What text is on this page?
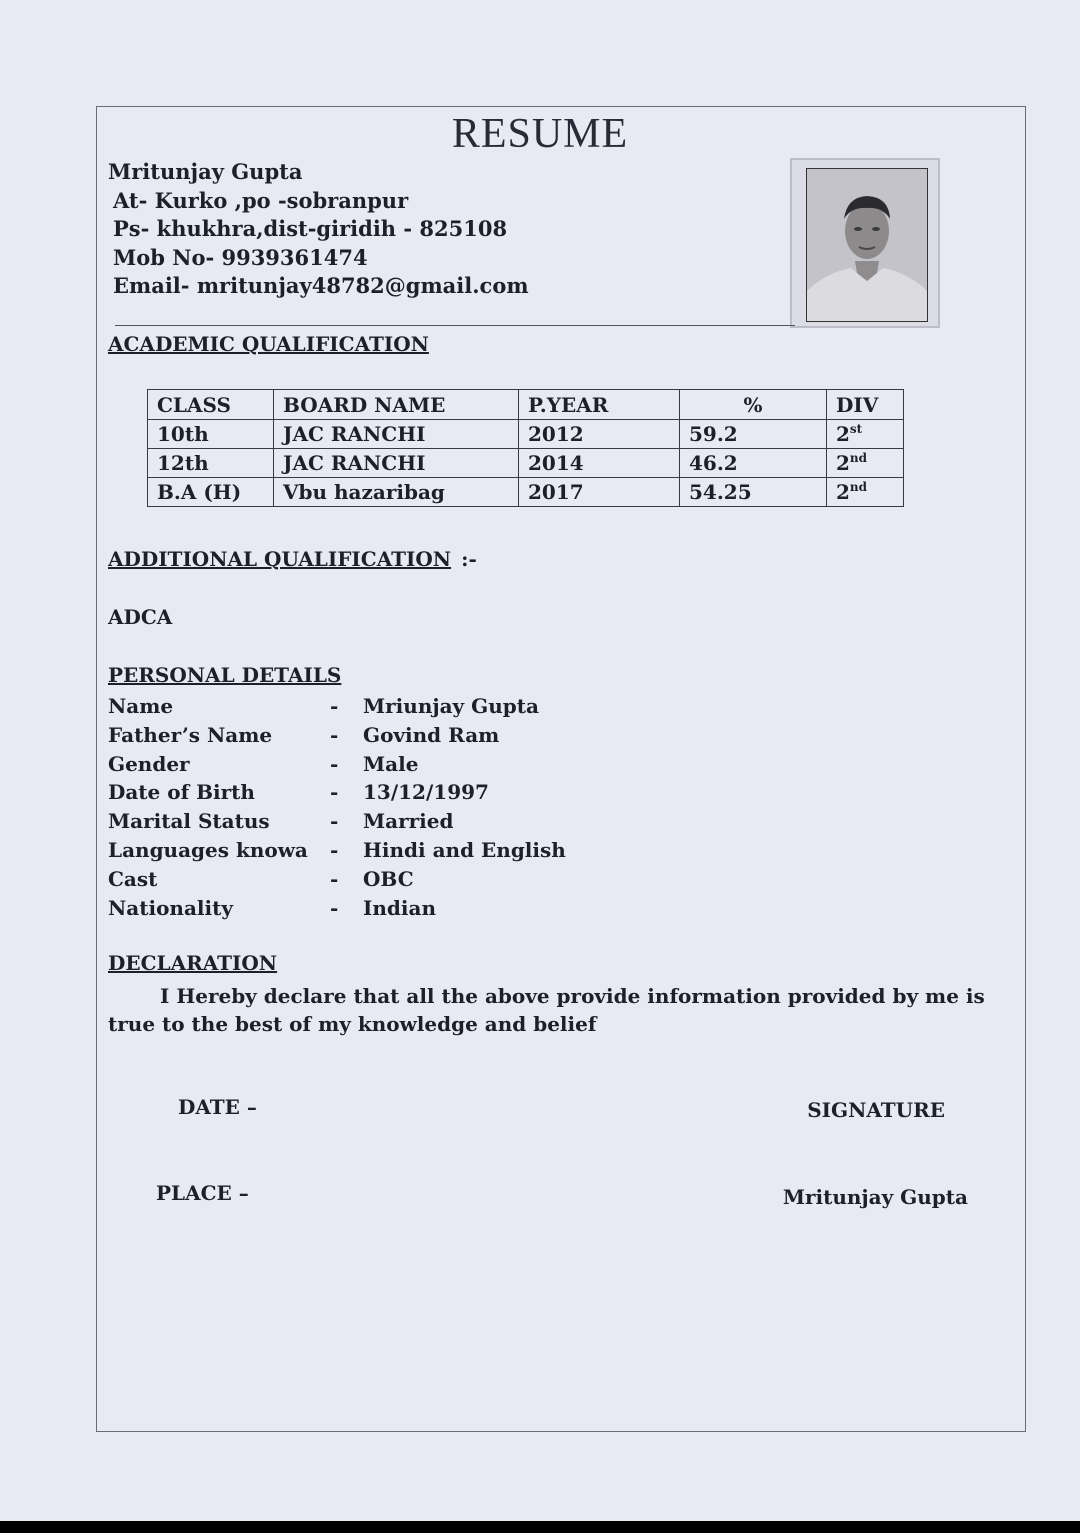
RESUME
Mritunjay Gupta
At- Kurko ,po -sobranpur
Ps- khukhra,dist-giridih - 825108
Mob No- 9939361474
Email- mritunjay48782@gmail.com
ACADEMIC QUALIFICATION
CLASS	BOARD NAME	P.YEAR	%	DIV
10th	JAC RANCHI	2012	59.2	2st
12th	JAC RANCHI	2014	46.2	2nd
B.A (H)	Vbu hazaribag	2017	54.25	2nd
ADDITIONAL QUALIFICATION :-
ADCA
PERSONAL DETAILS
Name	- Mriunjay Gupta
Father’s Name	- Govind Ram
Gender	- Male
Date of Birth	- 13/12/1997
Marital Status	- Married
Languages knowa - Hindi and English
Cast	- OBC
Nationality	- Indian
DECLARATION
I Hereby declare that all the above provide information provided by me is
true to the best of my knowledge and belief
DATE –
PLACE –
SIGNATURE
Mritunjay Gupta
